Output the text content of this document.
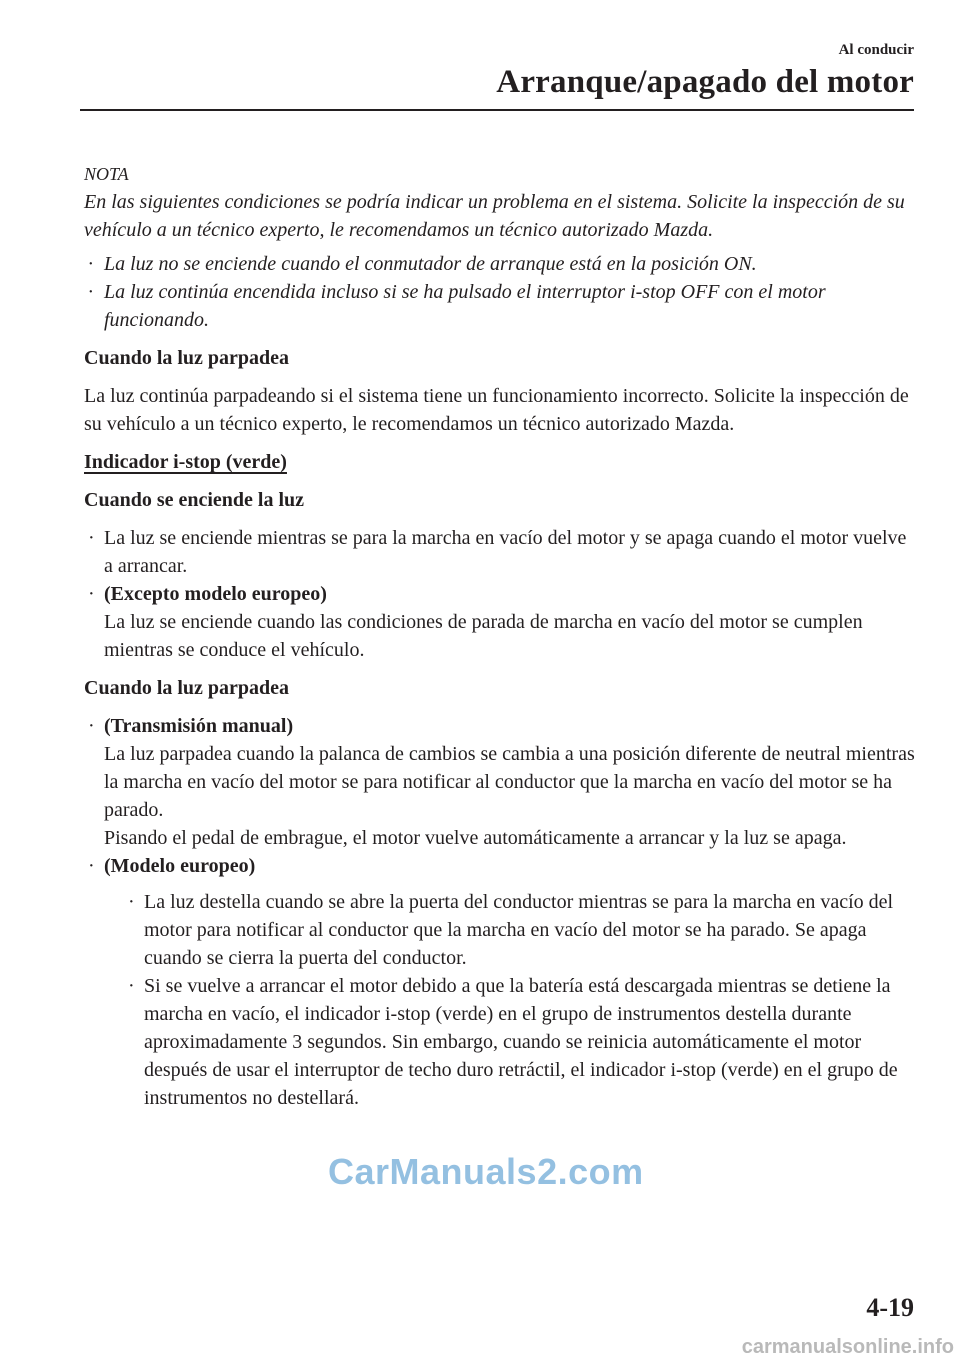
Al conducir
Arranque/apagado del motor

NOTA

En las siguientes condiciones se podría indicar un problema en el sistema. Solicite la inspección de su vehículo a un técnico experto, le recomendamos un técnico autorizado Mazda.

· La luz no se enciende cuando el conmutador de arranque está en la posición ON.
· La luz continúa encendida incluso si se ha pulsado el interruptor i-stop OFF con el motor funcionando.

Cuando la luz parpadea

La luz continúa parpadeando si el sistema tiene un funcionamiento incorrecto. Solicite la inspección de su vehículo a un técnico experto, le recomendamos un técnico autorizado Mazda.

Indicador i-stop (verde)

Cuando se enciende la luz

· La luz se enciende mientras se para la marcha en vacío del motor y se apaga cuando el motor vuelve a arrancar.
· (Excepto modelo europeo)
La luz se enciende cuando las condiciones de parada de marcha en vacío del motor se cumplen mientras se conduce el vehículo.

Cuando la luz parpadea

· (Transmisión manual)
La luz parpadea cuando la palanca de cambios se cambia a una posición diferente de neutral mientras la marcha en vacío del motor se para notificar al conductor que la marcha en vacío del motor se ha parado.
Pisando el pedal de embrague, el motor vuelve automáticamente a arrancar y la luz se apaga.
· (Modelo europeo)
· La luz destella cuando se abre la puerta del conductor mientras se para la marcha en vacío del motor para notificar al conductor que la marcha en vacío del motor se ha parado. Se apaga cuando se cierra la puerta del conductor.
· Si se vuelve a arrancar el motor debido a que la batería está descargada mientras se detiene la marcha en vacío, el indicador i-stop (verde) en el grupo de instrumentos destella durante aproximadamente 3 segundos. Sin embargo, cuando se reinicia automáticamente el motor después de usar el interruptor de techo duro retráctil, el indicador i-stop (verde) en el grupo de instrumentos no destellará.
CarManuals2.com
4-19
carmanualsonline.info
